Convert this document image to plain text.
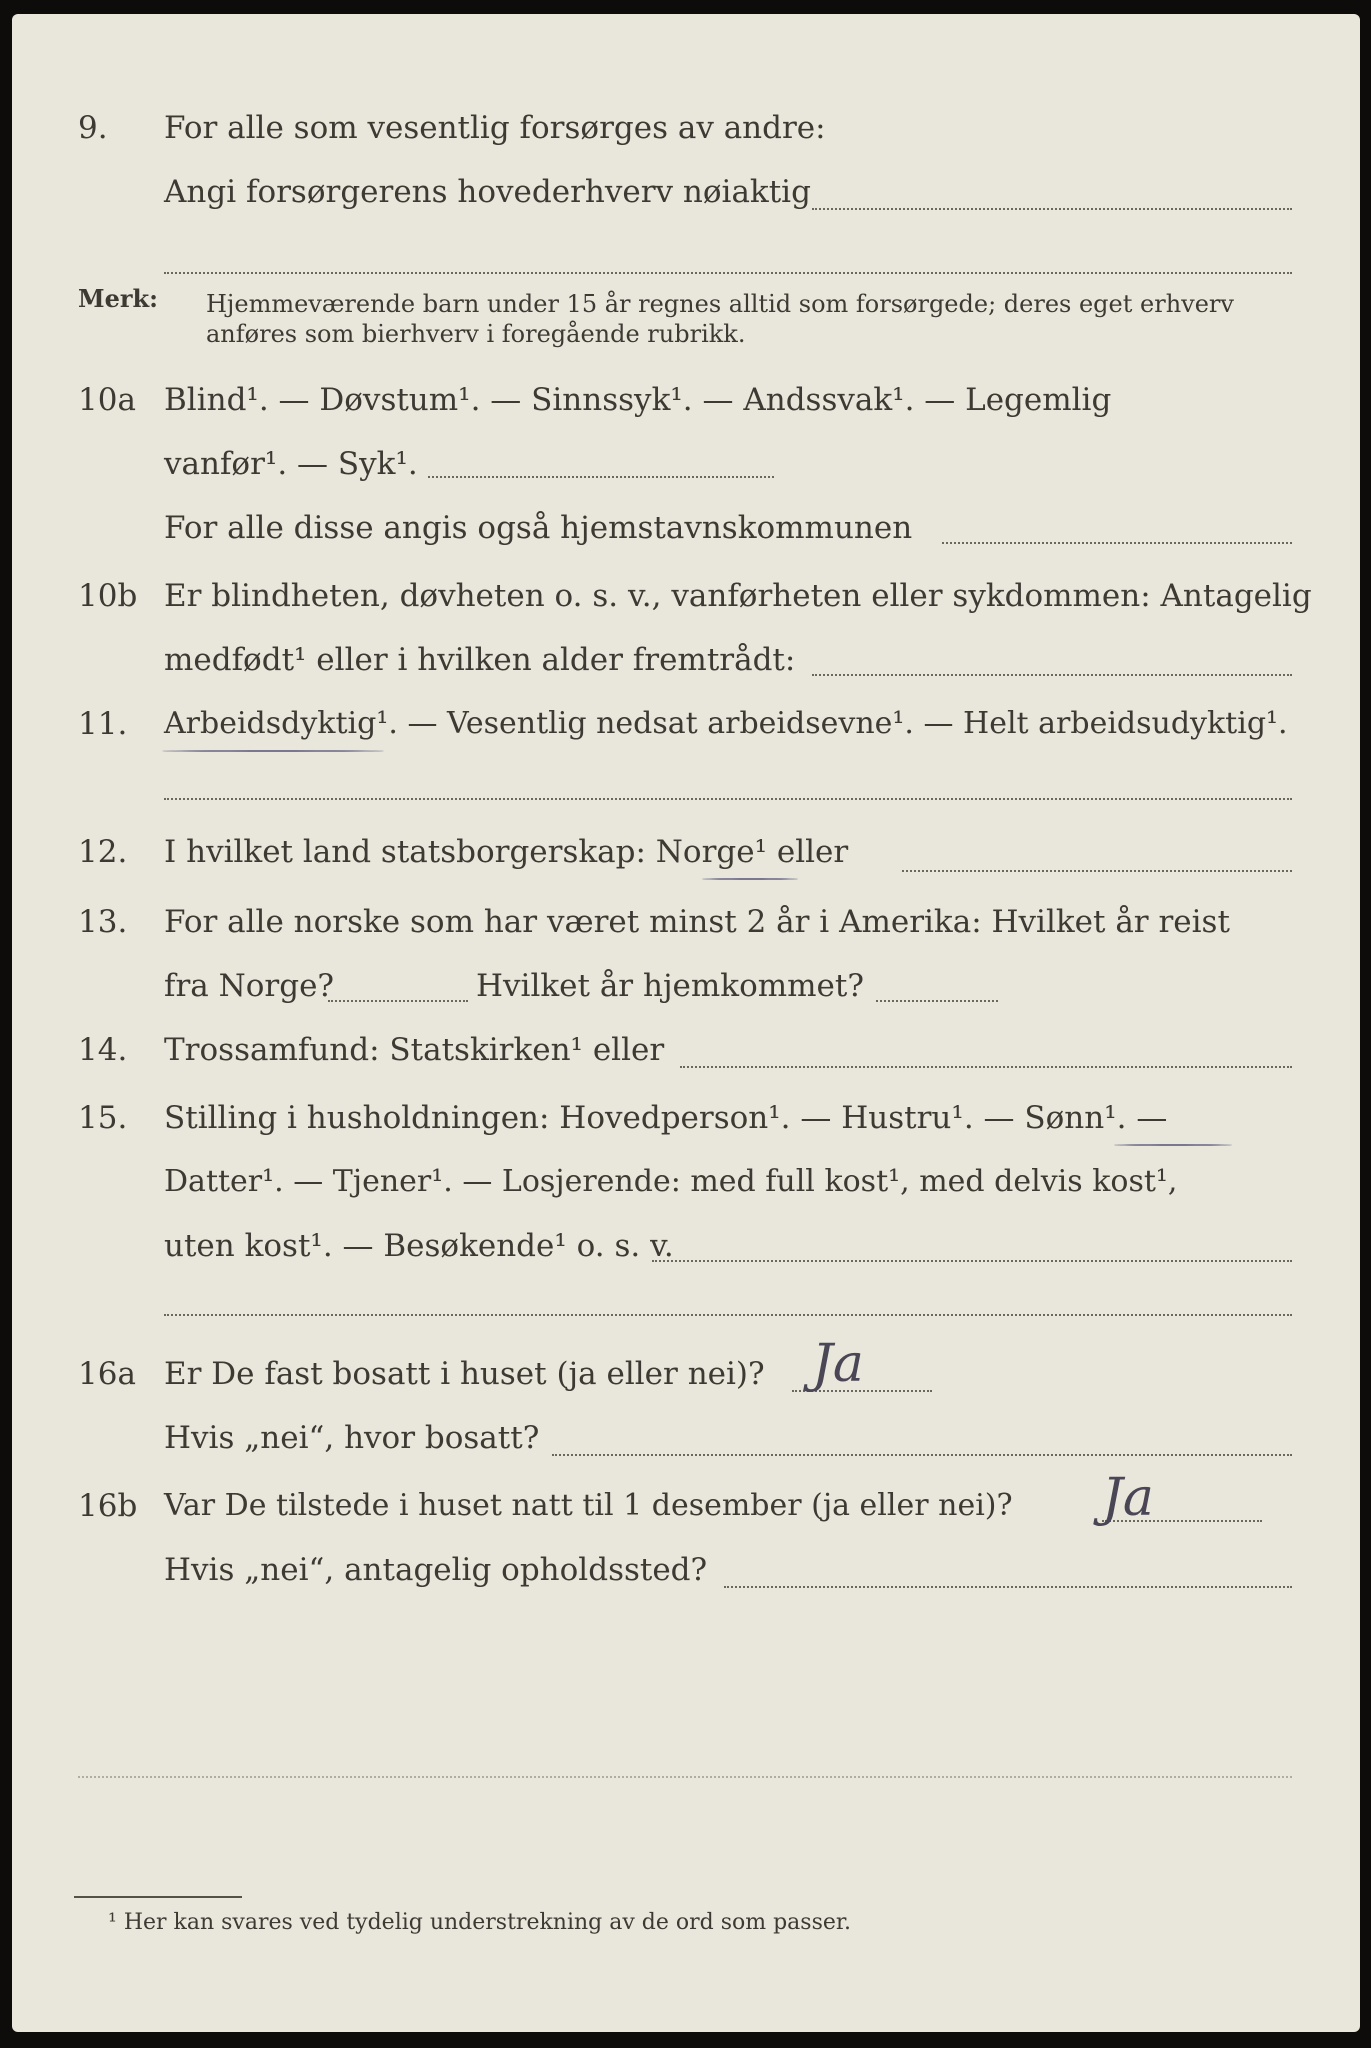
9. For alle som vesentlig forsørges av andre:
Angi forsørgerens hovederhverv nøiaktig
Merk: Hjemmeværende barn under 15 år regnes alltid som forsørgede; deres eget erhverv
anføres som bierhverv i foregående rubrikk.
10a Blind¹. — Døvstum¹. — Sinnssyk¹. — Andssvak¹. — Legemlig
vanfør¹. — Syk¹.
For alle disse angis også hjemstavnskommunen
10b Er blindheten, døvheten o. s. v., vanførheten eller sykdommen: Antagelig
medfødt¹ eller i hvilken alder fremtrådt:
11. Arbeidsdyktig¹. — Vesentlig nedsat arbeidsevne¹. — Helt arbeidsudyktig¹.
12. I hvilket land statsborgerskap: Norge¹ eller
13. For alle norske som har været minst 2 år i Amerika: Hvilket år reist
fra Norge?	Hvilket år hjemkommet?
14. Trossamfund: Statskirken¹ eller
15. Stilling i husholdningen: Hovedperson¹. — Hustru¹. — Sønn¹. —
Datter¹. — Tjener¹. — Losjerende: med full kost¹, med delvis kost¹,
uten kost¹. — Besøkende¹ o. s. v.
16a Er De fast bosatt i huset (ja eller nei)? Ja
Hvis „nei“, hvor bosatt?
16b Var De tilstede i huset natt til 1 desember (ja eller nei)? Ja
Hvis „nei“, antagelig opholdssted?
¹ Her kan svares ved tydelig understrekning av de ord som passer.
